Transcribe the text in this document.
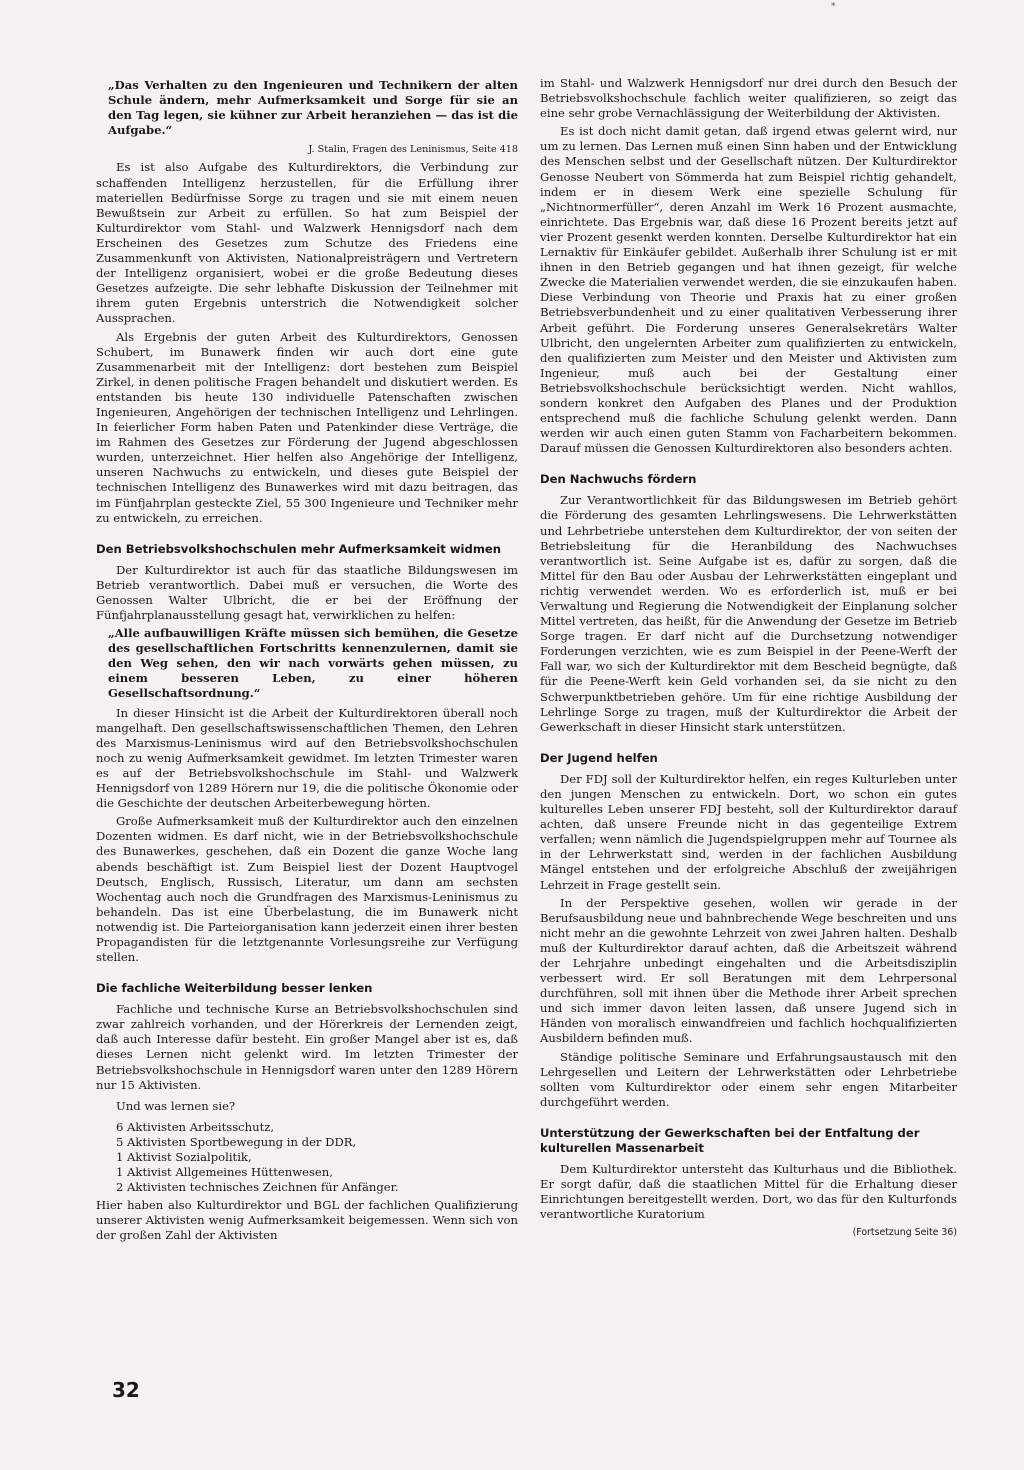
*

„Das Verhalten zu den Ingenieuren und Technikern der alten Schule ändern, mehr Aufmerksamkeit und Sorge für sie an den Tag legen, sie kühner zur Arbeit heranziehen — das ist die Aufgabe.“

J. Stalin, Fragen des Leninismus, Seite 418

Es ist also Aufgabe des Kulturdirektors, die Verbindung zur schaffenden Intelligenz herzustellen, für die Erfüllung ihrer materiellen Bedürfnisse Sorge zu tragen und sie mit einem neuen Bewußtsein zur Arbeit zu erfüllen. So hat zum Beispiel der Kulturdirektor vom Stahl- und Walzwerk Hennigsdorf nach dem Erscheinen des Gesetzes zum Schutze des Friedens eine Zusammenkunft von Aktivisten, Nationalpreisträgern und Vertretern der Intelligenz organisiert, wobei er die große Bedeutung dieses Gesetzes aufzeigte. Die sehr lebhafte Diskussion der Teilnehmer mit ihrem guten Ergebnis unterstrich die Notwendigkeit solcher Aussprachen.

Als Ergebnis der guten Arbeit des Kulturdirektors, Genossen Schubert, im Bunawerk finden wir auch dort eine gute Zusammenarbeit mit der Intelligenz: dort bestehen zum Beispiel Zirkel, in denen politische Fragen behandelt und diskutiert werden. Es entstanden bis heute 130 individuelle Patenschaften zwischen Ingenieuren, Angehörigen der technischen Intelligenz und Lehrlingen. In feierlicher Form haben Paten und Patenkinder diese Verträge, die im Rahmen des Gesetzes zur Förderung der Jugend abgeschlossen wurden, unterzeichnet. Hier helfen also Angehörige der Intelligenz, unseren Nachwuchs zu entwickeln, und dieses gute Beispiel der technischen Intelligenz des Bunawerkes wird mit dazu beitragen, das im Fünfjahrplan gesteckte Ziel, 55 300 Ingenieure und Techniker mehr zu entwickeln, zu erreichen.

Den Betriebsvolkshochschulen mehr Aufmerksamkeit widmen

Der Kulturdirektor ist auch für das staatliche Bildungswesen im Betrieb verantwortlich. Dabei muß er versuchen, die Worte des Genossen Walter Ulbricht, die er bei der Eröffnung der Fünfjahrplanausstellung gesagt hat, verwirklichen zu helfen:

„Alle aufbauwilligen Kräfte müssen sich bemühen, die Gesetze des gesellschaftlichen Fortschritts kennenzulernen, damit sie den Weg sehen, den wir nach vorwärts gehen müssen, zu einem besseren Leben, zu einer höheren Gesellschaftsordnung.“

In dieser Hinsicht ist die Arbeit der Kulturdirektoren überall noch mangelhaft. Den gesellschaftswissenschaftlichen Themen, den Lehren des Marxismus-Leninismus wird auf den Betriebsvolkshochschulen noch zu wenig Aufmerksamkeit gewidmet. Im letzten Trimester waren es auf der Betriebsvolkshochschule im Stahl- und Walzwerk Hennigsdorf von 1289 Hörern nur 19, die die politische Ökonomie oder die Geschichte der deutschen Arbeiterbewegung hörten.

Große Aufmerksamkeit muß der Kulturdirektor auch den einzelnen Dozenten widmen. Es darf nicht, wie in der Betriebsvolkshochschule des Bunawerkes, geschehen, daß ein Dozent die ganze Woche lang abends beschäftigt ist. Zum Beispiel liest der Dozent Hauptvogel Deutsch, Englisch, Russisch, Literatur, um dann am sechsten Wochentag auch noch die Grundfragen des Marxismus-Leninismus zu behandeln. Das ist eine Überbelastung, die im Bunawerk nicht notwendig ist. Die Parteiorganisation kann jederzeit einen ihrer besten Propagandisten für die letztgenannte Vorlesungsreihe zur Verfügung stellen.

Die fachliche Weiterbildung besser lenken

Fachliche und technische Kurse an Betriebsvolkshochschulen sind zwar zahlreich vorhanden, und der Hörerkreis der Lernenden zeigt, daß auch Interesse dafür besteht. Ein großer Mangel aber ist es, daß dieses Lernen nicht gelenkt wird. Im letzten Trimester der Betriebsvolkshochschule in Hennigsdorf waren unter den 1289 Hörern nur 15 Aktivisten.

Und was lernen sie?

6 Aktivisten Arbeitsschutz,
5 Aktivisten Sportbewegung in der DDR,
1 Aktivist Sozialpolitik,
1 Aktivist Allgemeines Hüttenwesen,
2 Aktivisten technisches Zeichnen für Anfänger.

Hier haben also Kulturdirektor und BGL der fachlichen Qualifizierung unserer Aktivisten wenig Aufmerksamkeit beigemessen. Wenn sich von der großen Zahl der Aktivisten

im Stahl- und Walzwerk Hennigsdorf nur drei durch den Besuch der Betriebsvolkshochschule fachlich weiter qualifizieren, so zeigt das eine sehr grobe Vernachlässigung der Weiterbildung der Aktivisten.

Es ist doch nicht damit getan, daß irgend etwas gelernt wird, nur um zu lernen. Das Lernen muß einen Sinn haben und der Entwicklung des Menschen selbst und der Gesellschaft nützen. Der Kulturdirektor Genosse Neubert von Sömmerda hat zum Beispiel richtig gehandelt, indem er in diesem Werk eine spezielle Schulung für „Nichtnormerfüller“, deren Anzahl im Werk 16 Prozent ausmachte, einrichtete. Das Ergebnis war, daß diese 16 Prozent bereits jetzt auf vier Prozent gesenkt werden konnten. Derselbe Kulturdirektor hat ein Lernaktiv für Einkäufer gebildet. Außerhalb ihrer Schulung ist er mit ihnen in den Betrieb gegangen und hat ihnen gezeigt, für welche Zwecke die Materialien verwendet werden, die sie einzukaufen haben. Diese Verbindung von Theorie und Praxis hat zu einer großen Betriebsverbundenheit und zu einer qualitativen Verbesserung ihrer Arbeit geführt. Die Forderung unseres Generalsekretärs Walter Ulbricht, den ungelernten Arbeiter zum qualifizierten zu entwickeln, den qualifizierten zum Meister und den Meister und Aktivisten zum Ingenieur, muß auch bei der Gestaltung einer Betriebsvolkshochschule berücksichtigt werden. Nicht wahllos, sondern konkret den Aufgaben des Planes und der Produktion entsprechend muß die fachliche Schulung gelenkt werden. Dann werden wir auch einen guten Stamm von Facharbeitern bekommen. Darauf müssen die Genossen Kulturdirektoren also besonders achten.

Den Nachwuchs fördern

Zur Verantwortlichkeit für das Bildungswesen im Betrieb gehört die Förderung des gesamten Lehrlingswesens. Die Lehrwerkstätten und Lehrbetriebe unterstehen dem Kulturdirektor, der von seiten der Betriebsleitung für die Heranbildung des Nachwuchses verantwortlich ist. Seine Aufgabe ist es, dafür zu sorgen, daß die Mittel für den Bau oder Ausbau der Lehrwerkstätten eingeplant und richtig verwendet werden. Wo es erforderlich ist, muß er bei Verwaltung und Regierung die Notwendigkeit der Einplanung solcher Mittel vertreten, das heißt, für die Anwendung der Gesetze im Betrieb Sorge tragen. Er darf nicht auf die Durchsetzung notwendiger Forderungen verzichten, wie es zum Beispiel in der Peene-Werft der Fall war, wo sich der Kulturdirektor mit dem Bescheid begnügte, daß für die Peene-Werft kein Geld vorhanden sei, da sie nicht zu den Schwerpunktbetrieben gehöre. Um für eine richtige Ausbildung der Lehrlinge Sorge zu tragen, muß der Kulturdirektor die Arbeit der Gewerkschaft in dieser Hinsicht stark unterstützen.

Der Jugend helfen

Der FDJ soll der Kulturdirektor helfen, ein reges Kulturleben unter den jungen Menschen zu entwickeln. Dort, wo schon ein gutes kulturelles Leben unserer FDJ besteht, soll der Kulturdirektor darauf achten, daß unsere Freunde nicht in das gegenteilige Extrem verfallen; wenn nämlich die Jugendspielgruppen mehr auf Tournee als in der Lehrwerkstatt sind, werden in der fachlichen Ausbildung Mängel entstehen und der erfolgreiche Abschluß der zweijährigen Lehrzeit in Frage gestellt sein.

In der Perspektive gesehen, wollen wir gerade in der Berufsausbildung neue und bahnbrechende Wege beschreiten und uns nicht mehr an die gewohnte Lehrzeit von zwei Jahren halten. Deshalb muß der Kulturdirektor darauf achten, daß die Arbeitszeit während der Lehrjahre unbedingt eingehalten und die Arbeitsdisziplin verbessert wird. Er soll Beratungen mit dem Lehrpersonal durchführen, soll mit ihnen über die Methode ihrer Arbeit sprechen und sich immer davon leiten lassen, daß unsere Jugend sich in Händen von moralisch einwandfreien und fachlich hochqualifizierten Ausbildern befinden muß.

Ständige politische Seminare und Erfahrungsaustausch mit den Lehrgesellen und Leitern der Lehrwerkstätten oder Lehrbetriebe sollten vom Kulturdirektor oder einem sehr engen Mitarbeiter durchgeführt werden.

Unterstützung der Gewerkschaften bei der Entfaltung der kulturellen Massenarbeit

Dem Kulturdirektor untersteht das Kulturhaus und die Bibliothek. Er sorgt dafür, daß die staatlichen Mittel für die Erhaltung dieser Einrichtungen bereitgestellt werden. Dort, wo das für den Kulturfonds verantwortliche Kuratorium

(Fortsetzung Seite 36)

32
